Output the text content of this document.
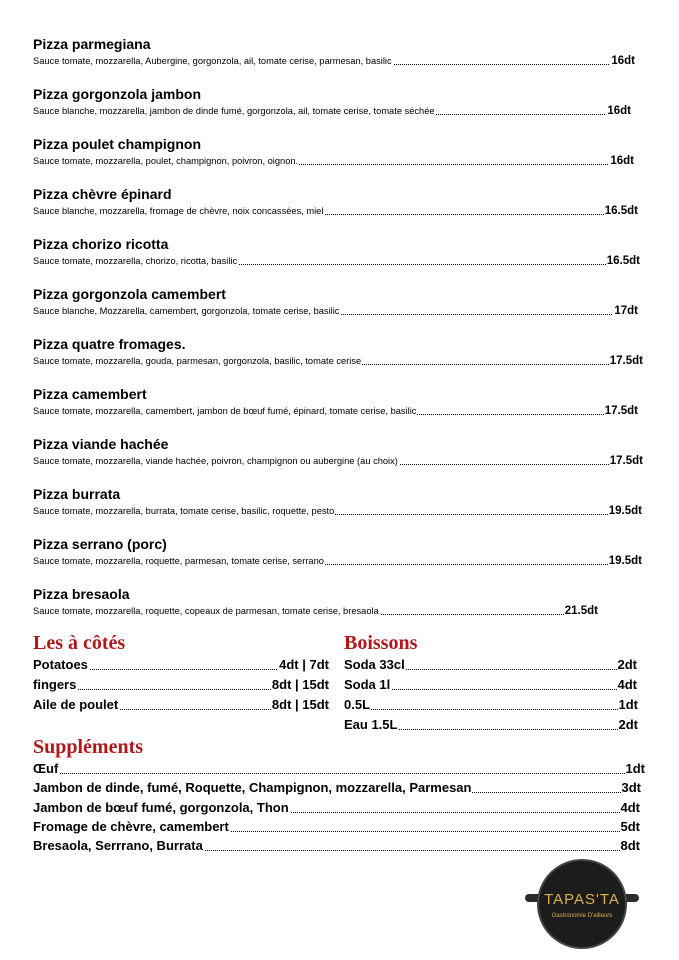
Pizza parmegiana
Sauce tomate, mozzarella, Aubergine, gorgonzola, ail, tomate cerise, parmesan, basilic	16dt
Pizza gorgonzola jambon
Sauce blanche, mozzarella, jambon de dinde fumé, gorgonzola, ail, tomate cerise, tomate séchée	16dt
Pizza poulet champignon
Sauce tomate, mozzarella, poulet, champignon, poivron, oignon.	16dt
Pizza chèvre épinard
Sauce blanche, mozzarella, fromage de chèvre, noix concassées, miel	16.5dt
Pizza chorizo ricotta
Sauce tomate, mozzarella, chorizo, ricotta, basilic	16.5dt
Pizza gorgonzola camembert
Sauce blanche, Mozzarella, camembert, gorgonzola, tomate cerise, basilic	17dt
Pizza quatre fromages.
Sauce tomate, mozzarella, gouda, parmesan, gorgonzola, basilic, tomate cerise	17.5dt
Pizza camembert
Sauce tomate, mozzarella, camembert, jambon de bœuf fumé, épinard, tomate cerise, basilic	17.5dt
Pizza viande hachée
Sauce tomate, mozzarella, viande hachée, poivron, champignon ou aubergine (au choix)	17.5dt
Pizza burrata
Sauce tomate, mozzarella, burrata, tomate cerise, basilic, roquette, pesto	19.5dt
Pizza serrano (porc)
Sauce tomate, mozzarella, roquette, parmesan, tomate cerise, serrano	19.5dt
Pizza bresaola
Sauce tomate, mozzarella, roquette, copeaux de parmesan, tomate cerise, bresaola	21.5dt
Les à côtés
Potatoes	4dt | 7dt
fingers	8dt | 15dt
Aile de poulet	8dt | 15dt
Boissons
Soda 33cl	2dt
Soda 1l	4dt
0.5L	1dt
Eau 1.5L	2dt
Suppléments
Œuf	1dt
Jambon de dinde, fumé, Roquette, Champignon, mozzarella, Parmesan	3dt
Jambon de bœuf fumé, gorgonzola, Thon	4dt
Fromage de chèvre, camembert	5dt
Bresaola, Serrrano, Burrata	8dt
TAPAS'TA
Gastronomie D'ailleurs
